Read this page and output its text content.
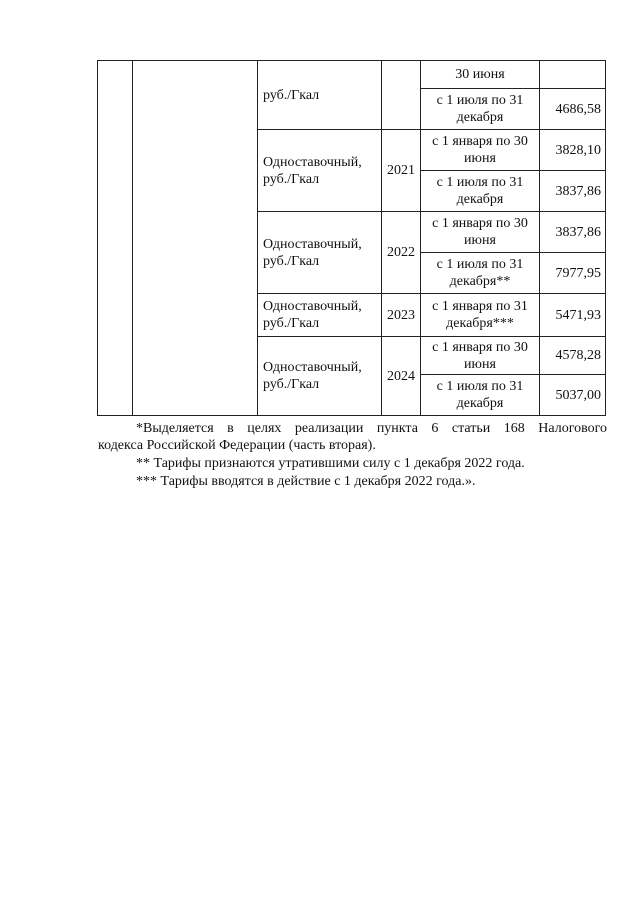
		руб./Гкал		30 июня	
				с 1 июля по 31 декабря	4686,58
		Одноставочный, руб./Гкал	2021	с 1 января по 30 июня	3828,10
				с 1 июля по 31 декабря	3837,86
		Одноставочный, руб./Гкал	2022	с 1 января по 30 июня	3837,86
				с 1 июля по 31 декабря**	7977,95
		Одноставочный, руб./Гкал	2023	с 1 января по 31 декабря***	5471,93
		Одноставочный, руб./Гкал	2024	с 1 января по 30 июня	4578,28
				с 1 июля по 31 декабря	5037,00

*Выделяется в целях реализации пункта 6 статьи 168 Налогового
кодекса Российской Федерации (часть вторая).

** Тарифы признаются утратившими силу с 1 декабря 2022 года.

*** Тарифы вводятся в действие с 1 декабря 2022 года.».
